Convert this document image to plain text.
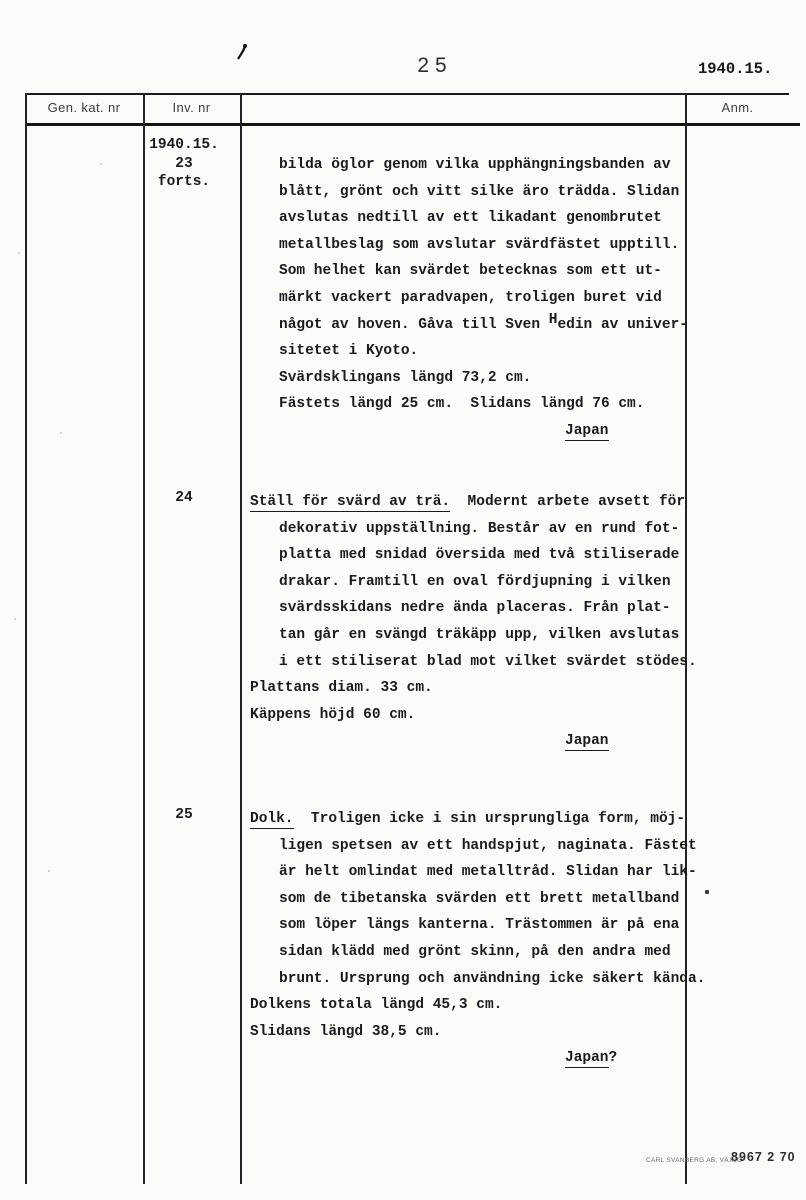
25	1940.15.
Gen. kat. nr	Inv. nr	Anm.
1940.15.
23
forts.
bilda öglor genom vilka upphängningsbanden av
blått, grönt och vitt silke äro trädda. Slidan
avslutas nedtill av ett likadant genombrutet
metallbeslag som avslutar svärdfästet upptill.
Som helhet kan svärdet betecknas som ett ut-
märkt vackert paradvapen, troligen buret vid
något av hoven. Gåva till Sven Hedin av univer-
sitetet i Kyoto.
Svärdsklingans längd 73,2 cm.
Fästets längd 25 cm.  Slidans längd 76 cm.
Japan
24	Ställ för svärd av trä.  Modernt arbete avsett för
dekorativ uppställning. Består av en rund fot-
platta med snidad översida med två stiliserade
drakar. Framtill en oval fördjupning i vilken
svärdsskidans nedre ända placeras. Från plat-
tan går en svängd träkäpp upp, vilken avslutas
i ett stiliserat blad mot vilket svärdet stödes.
Plattans diam. 33 cm.
Käppens höjd 60 cm.
Japan
25	Dolk.  Troligen icke i sin ursprungliga form, möj-
ligen spetsen av ett handspjut, naginata. Fästet
är helt omlindat med metalltråd. Slidan har lik-
som de tibetanska svärden ett brett metallband
som löper längs kanterna. Trästommen är på ena
sidan klädd med grönt skinn, på den andra med
brunt. Ursprung och användning icke säkert kända.
Dolkens totala längd 45,3 cm.
Slidans längd 38,5 cm.
Japan?
CARL SVANBERG AB, VÄXJÖ
8967 2 70
